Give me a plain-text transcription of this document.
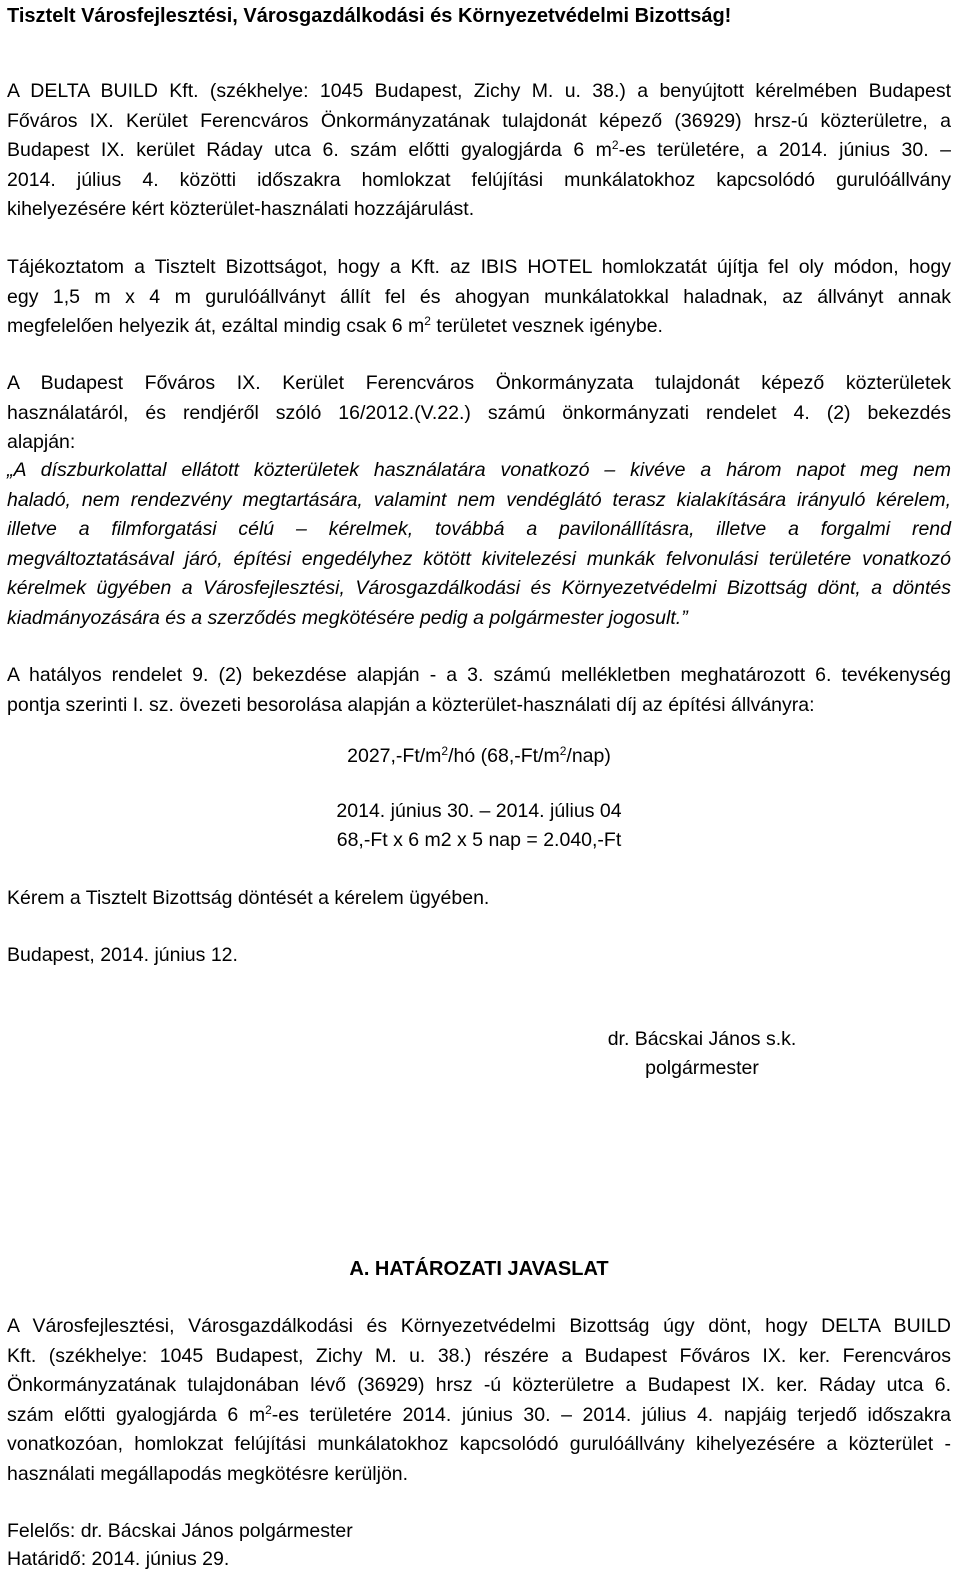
Tisztelt Városfejlesztési, Városgazdálkodási és Környezetvédelmi Bizottság!
A DELTA BUILD Kft. (székhelye: 1045 Budapest, Zichy M. u. 38.) a benyújtott kérelmében Budapest
Főváros IX. Kerület Ferencváros Önkormányzatának tulajdonát képező (36929) hrsz-ú közterületre, a
Budapest IX. kerület Ráday utca 6. szám előtti gyalogjárda 6 $m^2-es$ területére, a 2014. június 30. –
2014. július 4. közötti időszakra homlokzat felújítási munkálatokhoz kapcsolódó gurulóállvány
kihelyezésére kért közterület-használati hozzájárulást.
Tájékoztatom a Tisztelt Bizottságot, hogy a Kft. az IBIS HOTEL homlokzatát újítja fel oly módon, hogy
egy 1,5 m x 4 m gurulóállványt állít fel és ahogyan munkálatokkal haladnak, az állványt annak
megfelelően helyezik át, ezáltal mindig csak 6 $m^2$ területet vesznek igénybe.
A Budapest Főváros IX. Kerület Ferencváros Önkormányzata tulajdonát képező közterületek
használatáról, és rendjéről szóló 16/2012.(V.22.) számú önkormányzati rendelet 4. (2) bekezdés
alapján:
„A díszburkolattal ellátott közterületek használatára vonatkozó – kivéve a három napot meg nem
haladó, nem rendezvény megtartására, valamint nem vendéglátó terasz kialakítására irányuló kérelem,
illetve a filmforgatási célú – kérelmek, továbbá a pavilonállításra, illetve a forgalmi rend
megváltoztatásával járó, építési engedélyhez kötött kivitelezési munkák felvonulási területére vonatkozó
kérelmek ügyében a Városfejlesztési, Városgazdálkodási és Környezetvédelmi Bizottság dönt, a döntés
kiadmányozására és a szerződés megkötésére pedig a polgármester jogosult.”
A hatályos rendelet 9. (2) bekezdése alapján - a 3. számú mellékletben meghatározott 6. tevékenység
pontja szerinti I. sz. övezeti besorolása alapján a közterület-használati díj az építési állványra:
$2027,-Ft/m^2/hó$ $(68,-Ft/m^2/nap)$
2014. június 30. – 2014. július 04
68,-Ft x 6 m2 x 5 nap = 2.040,-Ft
Kérem a Tisztelt Bizottság döntését a kérelem ügyében.
Budapest, 2014. június 12.
dr. Bácskai János s.k.
polgármester
A. HATÁROZATI JAVASLAT
A Városfejlesztési, Városgazdálkodási és Környezetvédelmi Bizottság úgy dönt, hogy DELTA BUILD
Kft. (székhelye: 1045 Budapest, Zichy M. u. 38.) részére a Budapest Főváros IX. ker. Ferencváros
Önkormányzatának tulajdonában lévő (36929) hrsz -ú közterületre a Budapest IX. ker. Ráday utca 6.
szám előtti gyalogjárda 6 $m^2-es$ területére 2014. június 30. – 2014. július 4. napjáig terjedő időszakra
vonatkozóan, homlokzat felújítási munkálatokhoz kapcsolódó gurulóállvány kihelyezésére a közterület -
használati megállapodás megkötésre kerüljön.
Felelős: dr. Bácskai János polgármester
Határidő: 2014. június 29.
